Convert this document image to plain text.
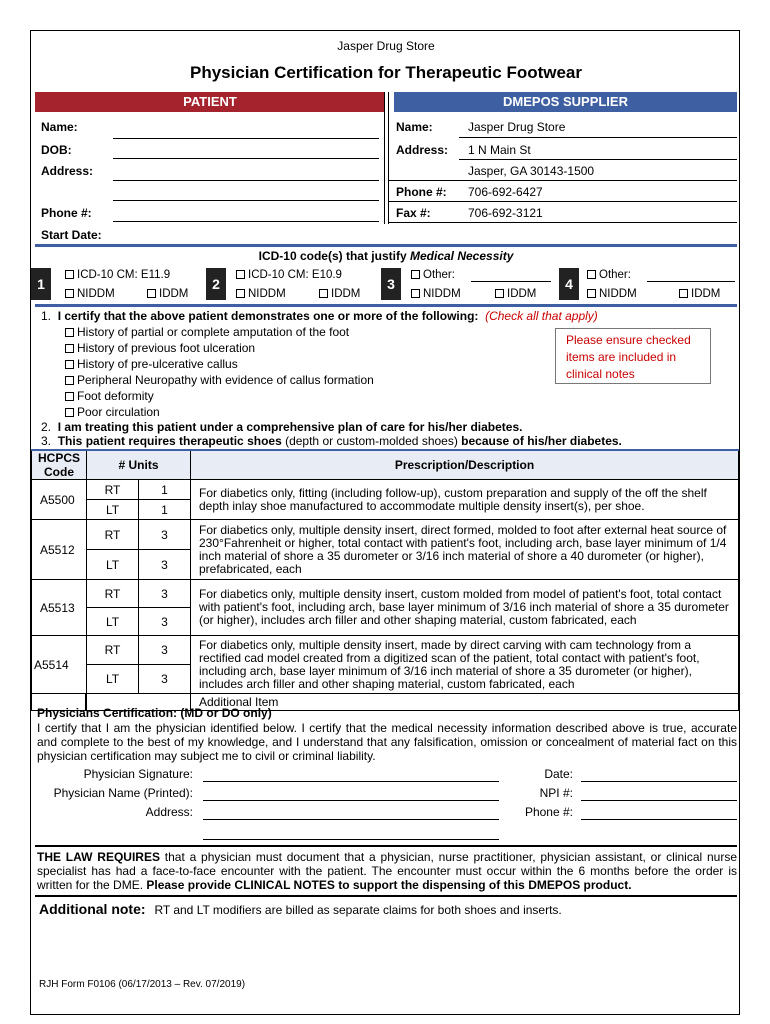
Jasper Drug Store
Physician Certification for Therapeutic Footwear
PATIENT	DMEPOS SUPPLIER
Name:
DOB:
Address:
Phone #:
Start Date:
Name:	Jasper Drug Store
Address: 1 N Main St
Jasper, GA 30143-1500
Phone #: 706-692-6427
Fax #:	706-692-3121
ICD-10 code(s) that justify Medical Necessity
1
ICD-10 CM: E11.9
NIDDM	IDDM
2
ICD-10 CM: E10.9
NIDDM	IDDM
3
Other:
NIDDM	IDDM
4
Other:
NIDDM	IDDM
1. I certify that the above patient demonstrates one or more of the following: (Check all that apply)
History of partial or complete amputation of the foot
History of previous foot ulceration
History of pre-ulcerative callus
Peripheral Neuropathy with evidence of callus formation
Foot deformity
Poor circulation
Please ensure checked items are included in clinical notes
2. I am treating this patient under a comprehensive plan of care for his/her diabetes.
3. This patient requires therapeutic shoes (depth or custom-molded shoes) because of his/her diabetes.
HCPCS Code	# Units		Prescription/Description
A5500	RT	1	For diabetics only, fitting (including follow-up), custom preparation and supply of the off the shelf depth inlay shoe manufactured to accommodate multiple density insert(s), per shoe.
	LT	1	
A5512	RT	3	For diabetics only, multiple density insert, direct formed, molded to foot after external heat source of 230°Fahrenheit or higher, total contact with patient's foot, including arch, base layer minimum of 1/4 inch material of shore a 35 durometer or 3/16 inch material of shore a 40 durometer (or higher), prefabricated, each
	LT	3	
A5513	RT	3	For diabetics only, multiple density insert, custom molded from model of patient's foot, total contact with patient's foot, including arch, base layer minimum of 3/16 inch material of shore a 35 durometer (or higher), includes arch filler and other shaping material, custom fabricated, each
	LT	3	
A5514	RT	3	For diabetics only, multiple density insert, made by direct carving with cam technology from a rectified cad model created from a digitized scan of the patient, total contact with patient's foot, including arch, base layer minimum of 3/16 inch material of shore a 35 durometer (or higher), includes arch filler and other shaping material, custom fabricated, each
	LT	3	
			Additional Item
Physicians Certification: (MD or DO only)
I certify that I am the physician identified below. I certify that the medical necessity information described above is true, accurate and complete to the best of my knowledge, and I understand that any falsification, omission or concealment of material fact on this physician certification may subject me to civil or criminal liability.
Physician Signature:
Physician Name (Printed):
Address:
Date:
NPI #:
Phone #:
THE LAW REQUIRES that a physician must document that a physician, nurse practitioner, physician assistant, or clinical nurse specialist has had a face-to-face encounter with the patient. The encounter must occur within the 6 months before the order is written for the DME. Please provide CLINICAL NOTES to support the dispensing of this DMEPOS product.
Additional note: RT and LT modifiers are billed as separate claims for both shoes and inserts.
RJH Form F0106 (06/17/2013 – Rev. 07/2019)
